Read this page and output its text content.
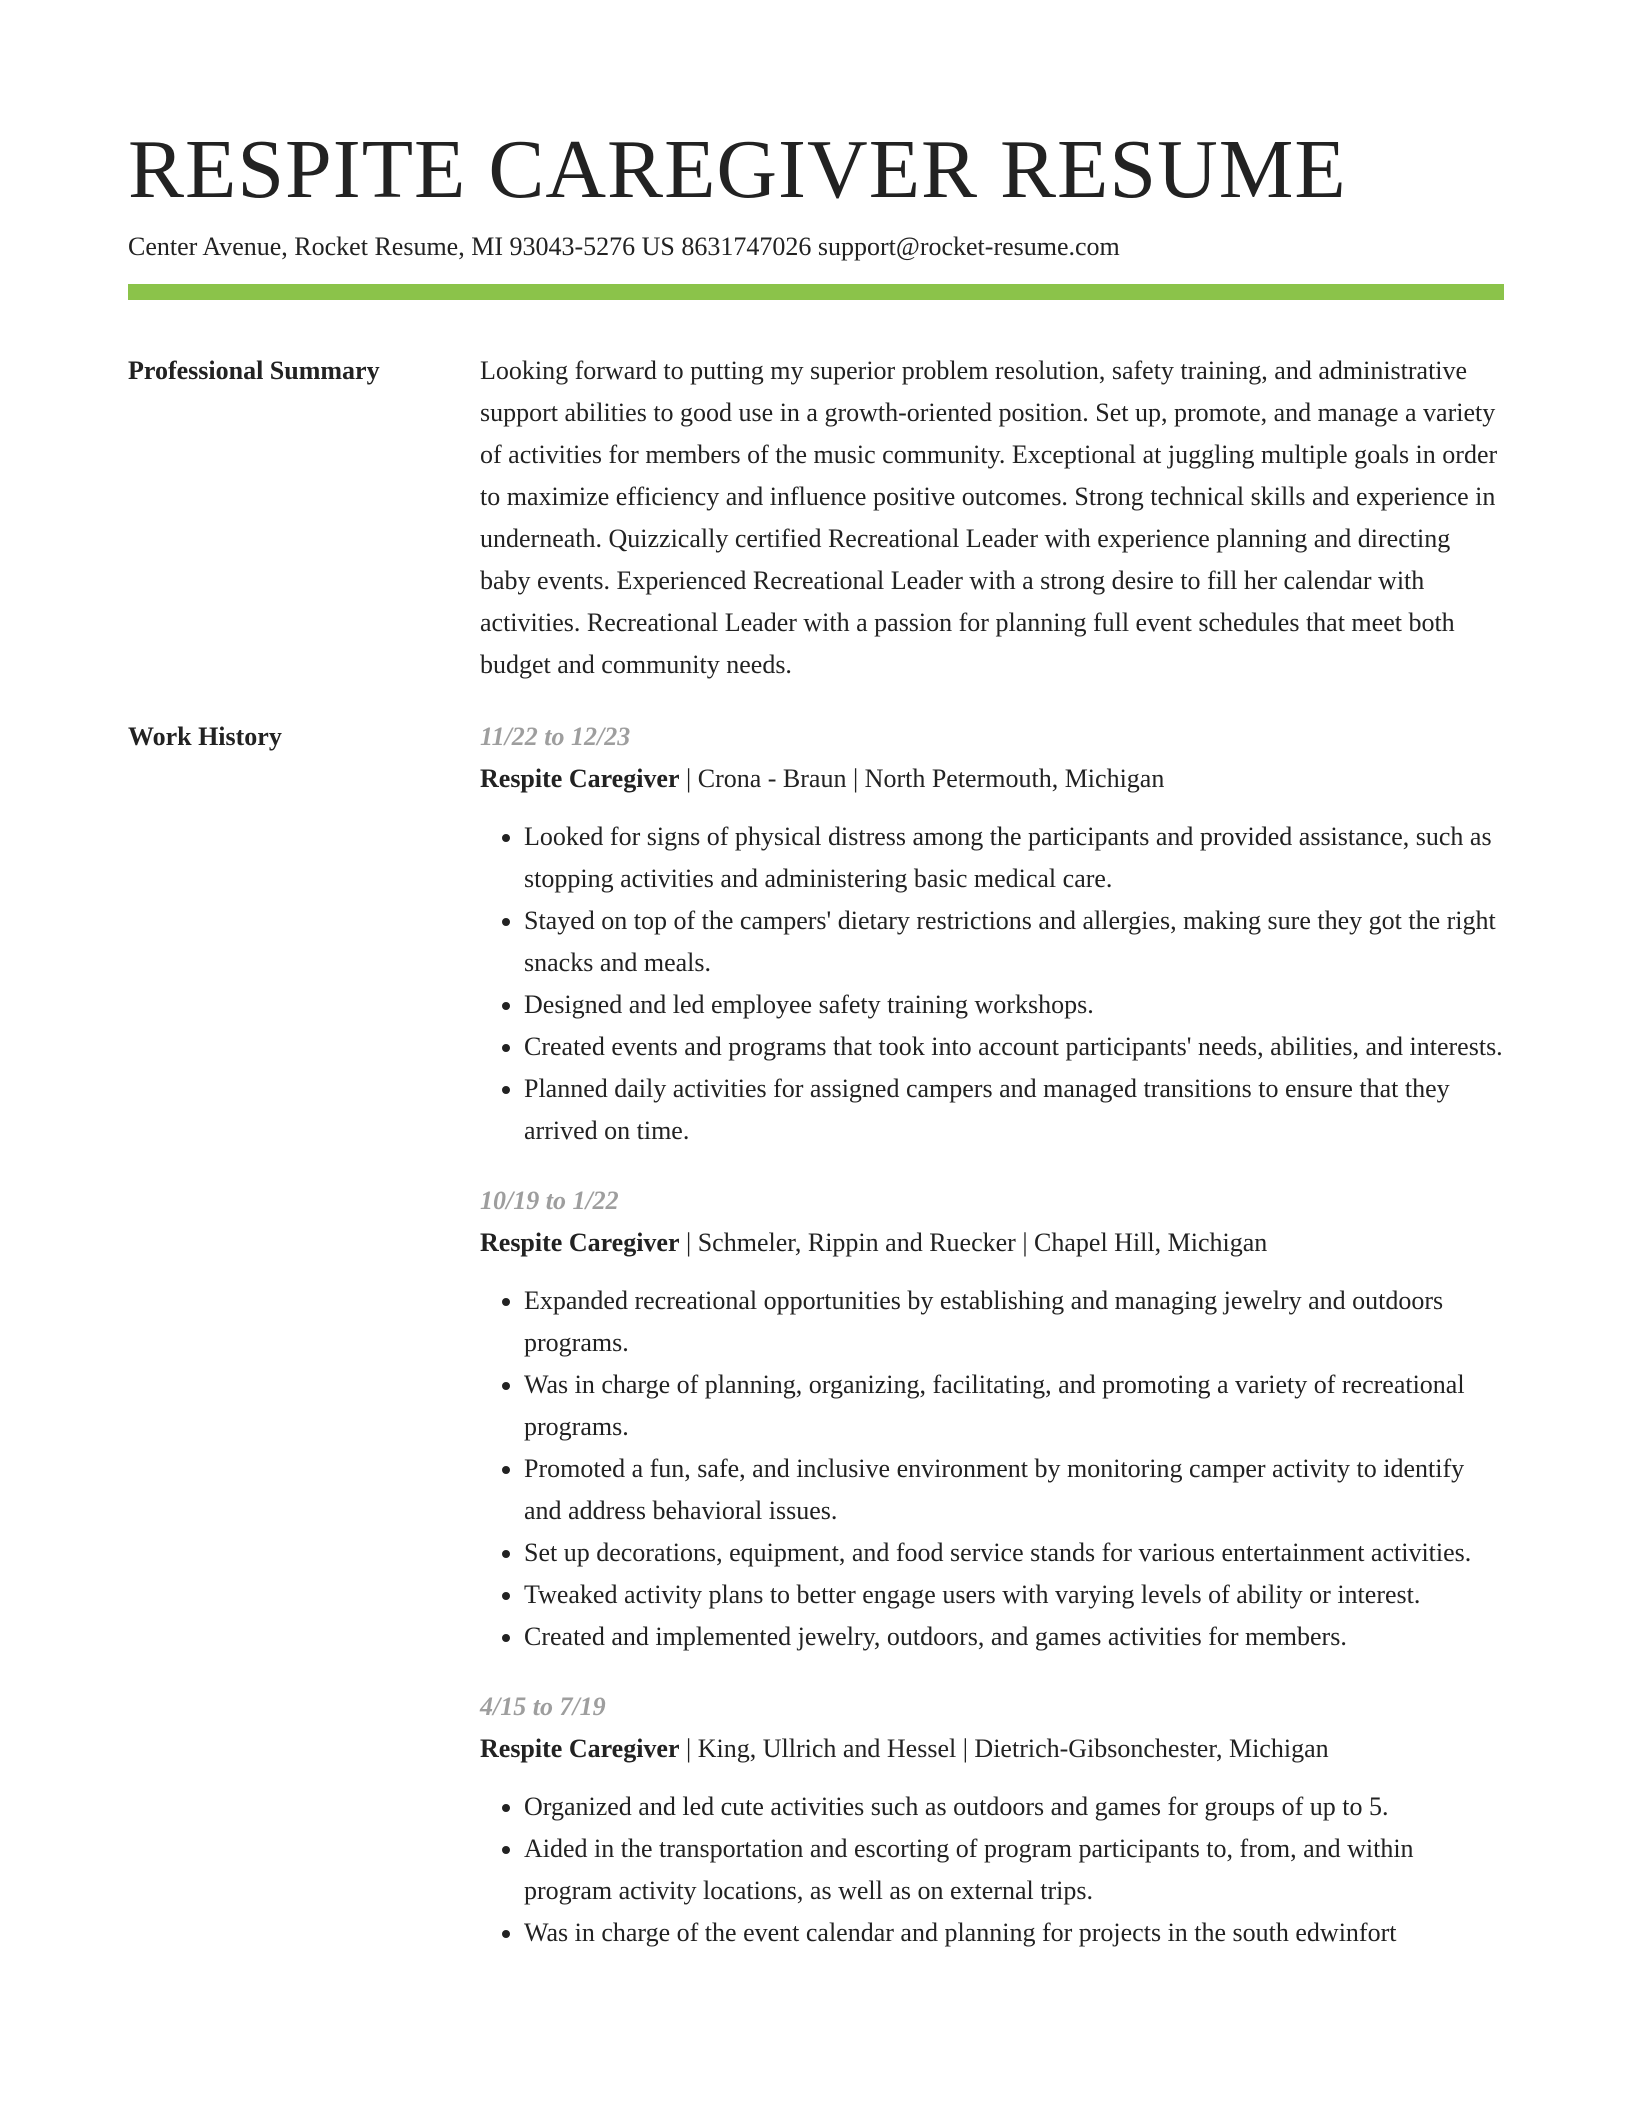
RESPITE CAREGIVER RESUME
Center Avenue, Rocket Resume, MI 93043-5276 US 8631747026 support@rocket-resume.com
Professional Summary	Looking forward to putting my superior problem resolution, safety training, and administrative support abilities to good use in a growth-oriented position. Set up, promote, and manage a variety of activities for members of the music community. Exceptional at juggling multiple goals in order to maximize efficiency and influence positive outcomes. Strong technical skills and experience in underneath. Quizzically certified Recreational Leader with experience planning and directing baby events. Experienced Recreational Leader with a strong desire to fill her calendar with activities. Recreational Leader with a passion for planning full event schedules that meet both budget and community needs.

Work History	11/22 to 12/23
Respite Caregiver | Crona - Braun | North Petermouth, Michigan
• Looked for signs of physical distress among the participants and provided assistance, such as stopping activities and administering basic medical care.
• Stayed on top of the campers' dietary restrictions and allergies, making sure they got the right snacks and meals.
• Designed and led employee safety training workshops.
• Created events and programs that took into account participants' needs, abilities, and interests.
• Planned daily activities for assigned campers and managed transitions to ensure that they arrived on time.
10/19 to 1/22
Respite Caregiver | Schmeler, Rippin and Ruecker | Chapel Hill, Michigan
• Expanded recreational opportunities by establishing and managing jewelry and outdoors programs.
• Was in charge of planning, organizing, facilitating, and promoting a variety of recreational programs.
• Promoted a fun, safe, and inclusive environment by monitoring camper activity to identify and address behavioral issues.
• Set up decorations, equipment, and food service stands for various entertainment activities.
• Tweaked activity plans to better engage users with varying levels of ability or interest.
• Created and implemented jewelry, outdoors, and games activities for members.
4/15 to 7/19
Respite Caregiver | King, Ullrich and Hessel | Dietrich-Gibsonchester, Michigan
• Organized and led cute activities such as outdoors and games for groups of up to 5.
• Aided in the transportation and escorting of program participants to, from, and within program activity locations, as well as on external trips.
• Was in charge of the event calendar and planning for projects in the south edwinfort
